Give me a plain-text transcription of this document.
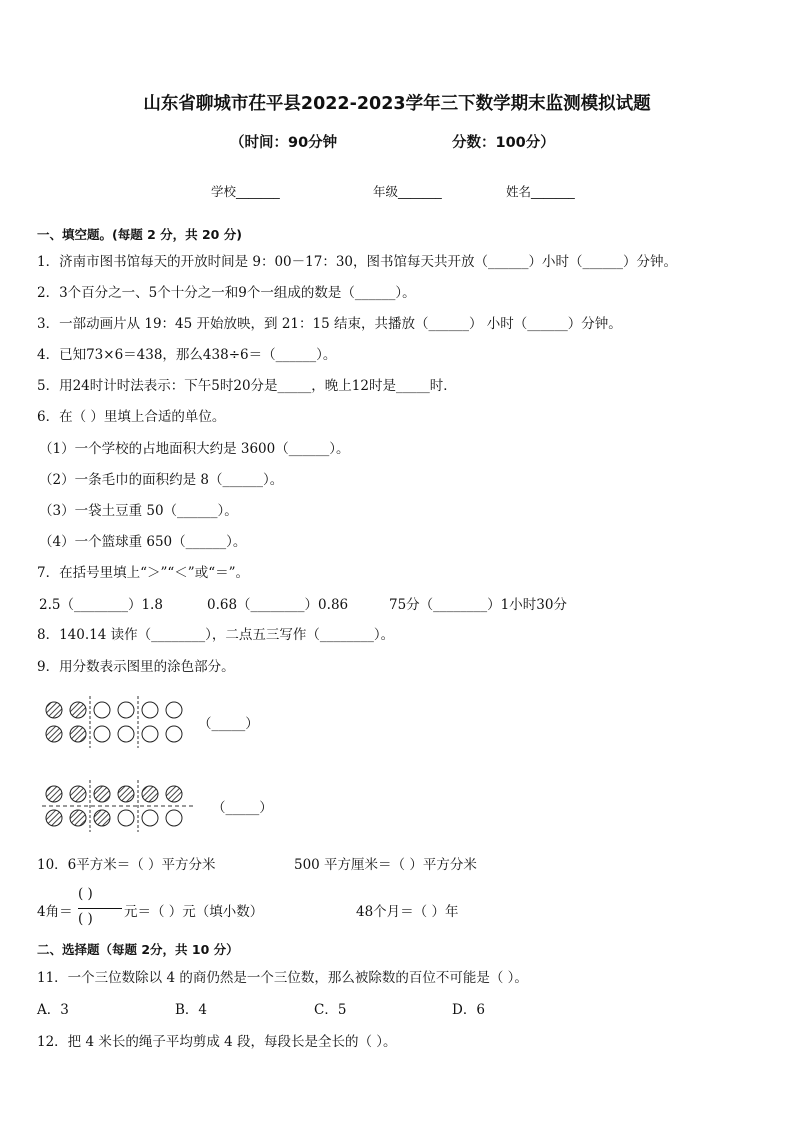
山东省聊城市茌平县2022-2023学年三下数学期末监测模拟试题
（时间：90分钟	分数：100分）
学校_______	年级_______	姓名_______
一、填空题。(每题 2 分，共 20 分)
1．济南市图书馆每天的开放时间是 9：00－17：30，图书馆每天共开放（______）小时（______）分钟。
2．3个百分之一、5个十分之一和9个一组成的数是（______）。
3．一部动画片从 19：45 开始放映，到 21：15 结束，共播放（______） 小时（______）分钟。
4．已知73×6＝438，那么438÷6＝（______）。
5．用24时计时法表示：下午5时20分是_____，晚上12时是_____时．
6．在（ ）里填上合适的单位。
（1）一个学校的占地面积大约是 3600（______）。
（2）一条毛巾的面积约是 8（______）。
（3）一袋土豆重 50（______）。
（4）一个篮球重 650（______）。
7．在括号里填上“＞”“＜”或“＝”。
2.5（________）1.8	0.68（________）0.86	75分（________）1小时30分
8．140.14 读作（________），二点五三写作（________）。
9．用分数表示图里的涂色部分。
（_____）
（_____）
10．6平方米＝（ ）平方分米	500 平方厘米＝（ ）平方分米
4角＝
( )
( ) 元＝（ ）元（填小数）	48个月＝（ ）年
二、选择题（每题 2分，共 10 分）
11．一个三位数除以 4 的商仍然是一个三位数，那么被除数的百位不可能是（ ）。
A．3	B．4	C．5	D．6
12．把 4 米长的绳子平均剪成 4 段，每段长是全长的（ ）。
